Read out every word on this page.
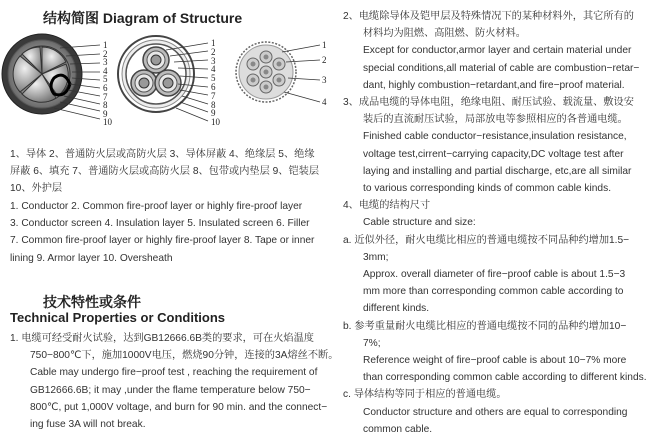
结构简图 Diagram of Structure
1
2
3
4
5
6
7
8
9
10
1
2
3
4
5
6
7
8
9
10
1
2
3
4
1、导体 2、普通防火层或高防火层 3、导体屏蔽 4、绝缘层 5、绝缘
屏蔽 6、填充 7、普通防火层或高防火层 8、包带或内垫层 9、铠装层
10、外护层
1. Conductor 2. Common fire-proof layer or highly fire-proof layer
3. Conductor screen 4. Insulation layer 5. Insulated screen 6. Filler
7. Common fire-proof layer or highly fire-proof layer 8. Tape or inner
lining 9. Armor layer 10. Oversheath
技术特性或条件
Technical Properties or Conditions
1. 电缆可经受耐火试验，达到GB12666.6B类的要求，可在火焰温度
750−800℃下，施加1000V电压，燃烧90分钟，连接的3A熔丝不断。
Cable may undergo fire−proof test , reaching the requirement of
GB12666.6B; it may ,under the flame temperature below 750−
800℃, put 1,000V voltage, and burn for 90 min. and the connect−
ing fuse 3A will not break.
2、电缆除导体及铠甲层及特殊情况下的某种材料外，其它所有的
材料均为阻燃、高阻燃、防火材料。
Except for conductor,armor layer and certain material under
special conditions,all material of cable are combustion−retar−
dant, highly combustion−retardant,and fire−proof material.
3、成品电缆的导体电阻，绝缘电阻、耐压试验、载流量、敷设安
装后的直流耐压试验，局部放电等参照相应的各普通电缆。
Finished cable conductor−resistance,insulation resistance,
voltage test,cirrent−carrying capacity,DC voltage test after
laying and installing and partial discharge, etc,are all similar
to various corresponding kinds of common cable kinds.
4、电缆的结构尺寸
Cable structure and size:
a. 近似外径，耐火电缆比相应的普通电缆按不同品种约增加1.5−
3mm;
Approx. overall diameter of fire−proof cable is about 1.5−3
mm more than corresponding common cable according to
different kinds.
b. 参考重量耐火电缆比相应的普通电缆按不同的品种约增加10−
7%;
Reference weight of fire−proof cable is about 10−7% more
than corresponding common cable according to different kinds.
c. 导体结构等同于相应的普通电缆。
Conductor structure and others are equal to corresponding
common cable.
